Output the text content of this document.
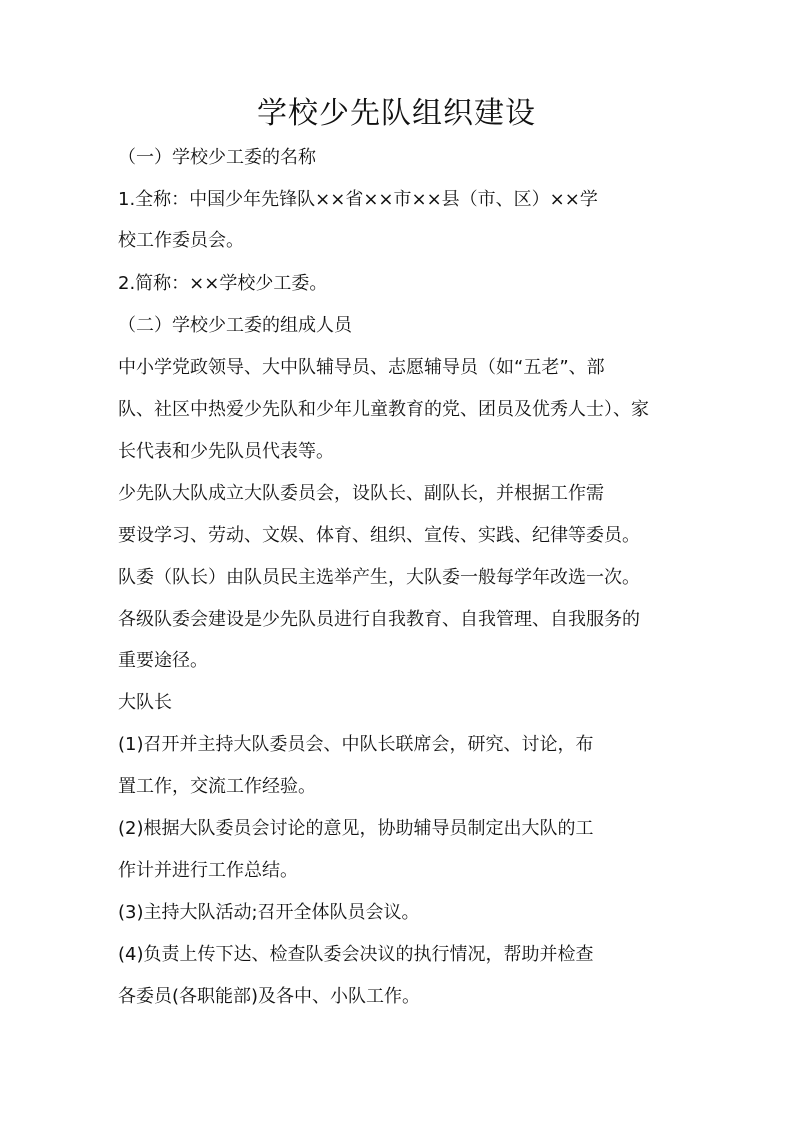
学校少先队组织建设

（一）学校少工委的名称

1.全称：中国少年先锋队××省××市××县（市、区）××学

校工作委员会。

2.简称：××学校少工委。

（二）学校少工委的组成人员

中小学党政领导、大中队辅导员、志愿辅导员（如“五老”、部

队、社区中热爱少先队和少年儿童教育的党、团员及优秀人士）、家

长代表和少先队员代表等。

少先队大队成立大队委员会，设队长、副队长，并根据工作需

要设学习、劳动、文娱、体育、组织、宣传、实践、纪律等委员。

队委（队长）由队员民主选举产生，大队委一般每学年改选一次。

各级队委会建设是少先队员进行自我教育、自我管理、自我服务的

重要途径。

大队长

(1)召开并主持大队委员会、中队长联席会，研究、讨论，布

置工作，交流工作经验。

(2)根据大队委员会讨论的意见，协助辅导员制定出大队的工

作计并进行工作总结。

(3)主持大队活动;召开全体队员会议。

(4)负责上传下达、检查队委会决议的执行情况，帮助并检查

各委员(各职能部)及各中、小队工作。
